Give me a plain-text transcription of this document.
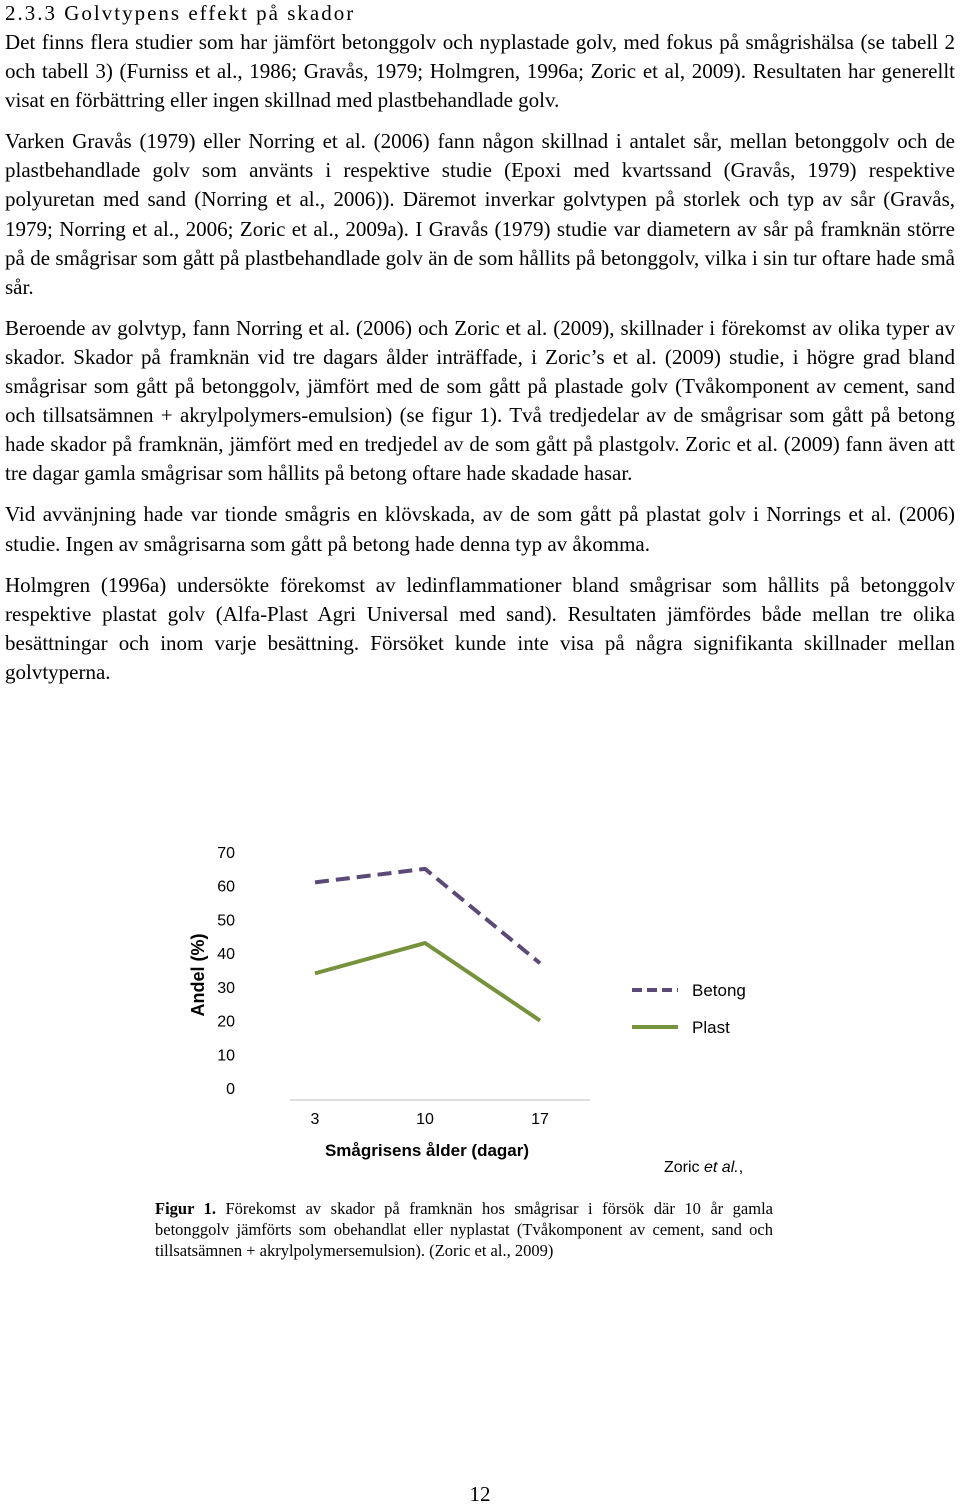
2.3.3 Golvtypens effekt på skador

Det finns flera studier som har jämfört betonggolv och nyplastade golv, med fokus på smågrishälsa (se tabell 2 och tabell 3) (Furniss et al., 1986; Gravås, 1979; Holmgren, 1996a; Zoric et al, 2009). Resultaten har generellt visat en förbättring eller ingen skillnad med plastbehandlade golv.

Varken Gravås (1979) eller Norring et al. (2006) fann någon skillnad i antalet sår, mellan betonggolv och de plastbehandlade golv som använts i respektive studie (Epoxi med kvartssand (Gravås, 1979) respektive polyuretan med sand (Norring et al., 2006)). Däremot inverkar golvtypen på storlek och typ av sår (Gravås, 1979; Norring et al., 2006; Zoric et al., 2009a). I Gravås (1979) studie var diametern av sår på framknän större på de smågrisar som gått på plastbehandlade golv än de som hållits på betonggolv, vilka i sin tur oftare hade små sår.

Beroende av golvtyp, fann Norring et al. (2006) och Zoric et al. (2009), skillnader i förekomst av olika typer av skador. Skador på framknän vid tre dagars ålder inträffade, i Zoric’s et al. (2009) studie, i högre grad bland smågrisar som gått på betonggolv, jämfört med de som gått på plastade golv (Tvåkomponent av cement, sand och tillsatsämnen + akrylpolymers-emulsion) (se figur 1). Två tredjedelar av de smågrisar som gått på betong hade skador på framknän, jämfört med en tredjedel av de som gått på plastgolv. Zoric et al. (2009) fann även att tre dagar gamla smågrisar som hållits på betong oftare hade skadade hasar.

Vid avvänjning hade var tionde smågris en klövskada, av de som gått på plastat golv i Norrings et al. (2006) studie. Ingen av smågrisarna som gått på betong hade denna typ av åkomma.

Holmgren (1996a) undersökte förekomst av ledinflammationer bland smågrisar som hållits på betonggolv respektive plastat golv (Alfa-Plast Agri Universal med sand). Resultaten jämfördes både mellan tre olika besättningar och inom varje besättning. Försöket kunde inte visa på några signifikanta skillnader mellan golvtyperna.

0
10
20
30
40
50
60
70
3	10	17
Andel (%)
Smågrisens ålder (dagar)
Betong
Plast
Zoric et al.,
Figur 1. Förekomst av skador på framknän hos smågrisar i försök där 10 år gamla betonggolv jämförts som obehandlat eller nyplastat (Tvåkomponent av cement, sand och tillsatsämnen + akrylpolymersemulsion). (Zoric et al., 2009)
12
